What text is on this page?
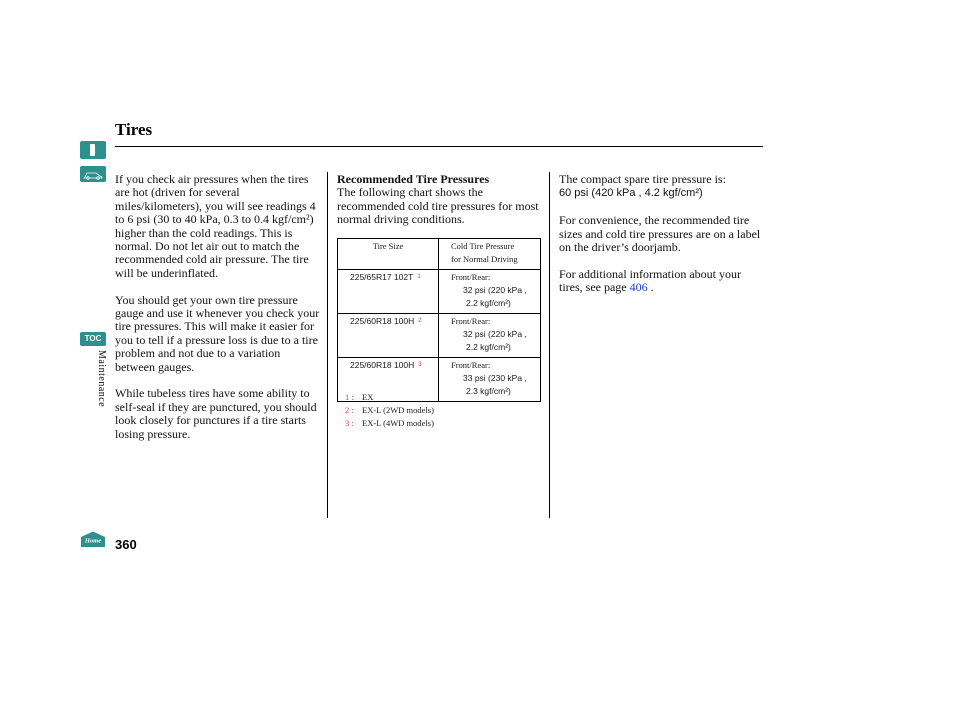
Tires
TOC
Home
Maintenance

If you check air pressures when the tires are hot (driven for several miles/kilometers), you will see readings 4 to 6 psi (30 to 40 kPa, 0.3 to 0.4 kgf/cm²) higher than the cold readings. This is normal. Do not let air out to match the recommended cold air pressure. The tire will be underinflated.

You should get your own tire pressure gauge and use it whenever you check your tire pressures. This will make it easier for you to tell if a pressure loss is due to a tire problem and not due to a variation between gauges.

While tubeless tires have some ability to self-seal if they are punctured, you should look closely for punctures if a tire starts losing pressure.

Recommended Tire Pressures
The following chart shows the recommended cold tire pressures for most normal driving conditions.
Tire Size	Cold Tire Pressure
for Normal Driving
225/65R17 102T $^1$	Front/Rear:
32 psi (220 kPa ,
2.2 kgf/cm²)

225/60R18 100H $^2$	Front/Rear:
32 psi (220 kPa ,
2.2 kgf/cm²)

225/60R18 100H $^3$	Front/Rear:
33 psi (230 kPa ,
2.3 kgf/cm²)
1 : EX
2 : EX-L (2WD models)
3 : EX-L (4WD models)

The compact spare tire pressure is:
60 psi (420 kPa , 4.2 kgf/cm²)

For convenience, the recommended tire sizes and cold tire pressures are on a label on the driver’s doorjamb.

For additional information about your tires, see page 406 .

360
